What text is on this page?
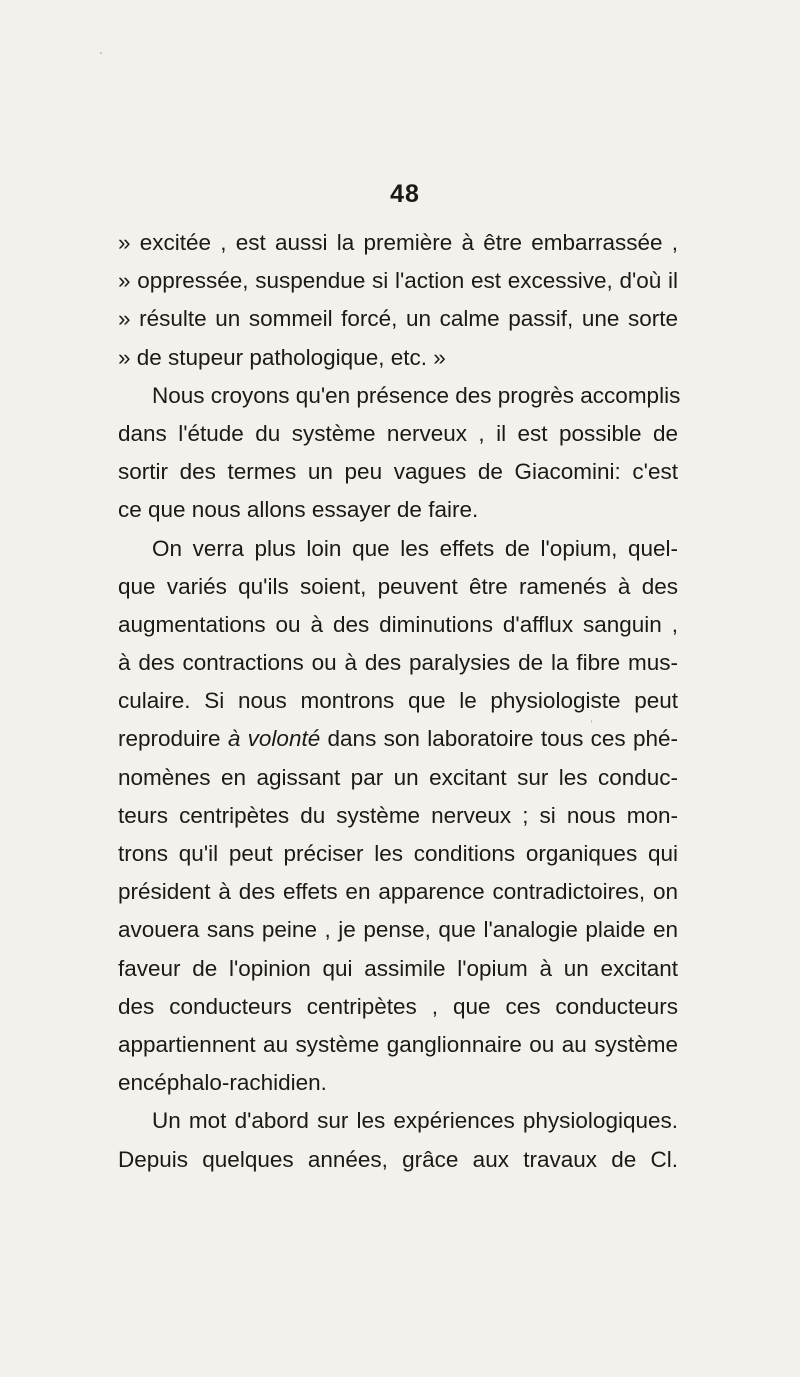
48
» excitée , est aussi la première à être embarrassée ,
» oppressée, suspendue si l'action est excessive, d'où il
» résulte un sommeil forcé, un calme passif, une sorte
» de stupeur pathologique, etc. »
Nous croyons qu'en présence des progrès accomplis
dans l'étude du système nerveux , il est possible de
sortir des termes un peu vagues de Giacomini: c'est
ce que nous allons essayer de faire.
On verra plus loin que les effets de l'opium, quel-
que variés qu'ils soient, peuvent être ramenés à des
augmentations ou à des diminutions d'afflux sanguin ,
à des contractions ou à des paralysies de la fibre mus-
culaire. Si nous montrons que le physiologiste peut
reproduire à volonté dans son laboratoire tous ces phé-
nomènes en agissant par un excitant sur les conduc-
teurs centripètes du système nerveux ; si nous mon-
trons qu'il peut préciser les conditions organiques qui
président à des effets en apparence contradictoires, on
avouera sans peine , je pense, que l'analogie plaide en
faveur de l'opinion qui assimile l'opium à un excitant
des conducteurs centripètes , que ces conducteurs
appartiennent au système ganglionnaire ou au système
encéphalo-rachidien.
Un mot d'abord sur les expériences physiologiques.
Depuis quelques années, grâce aux travaux de Cl.
